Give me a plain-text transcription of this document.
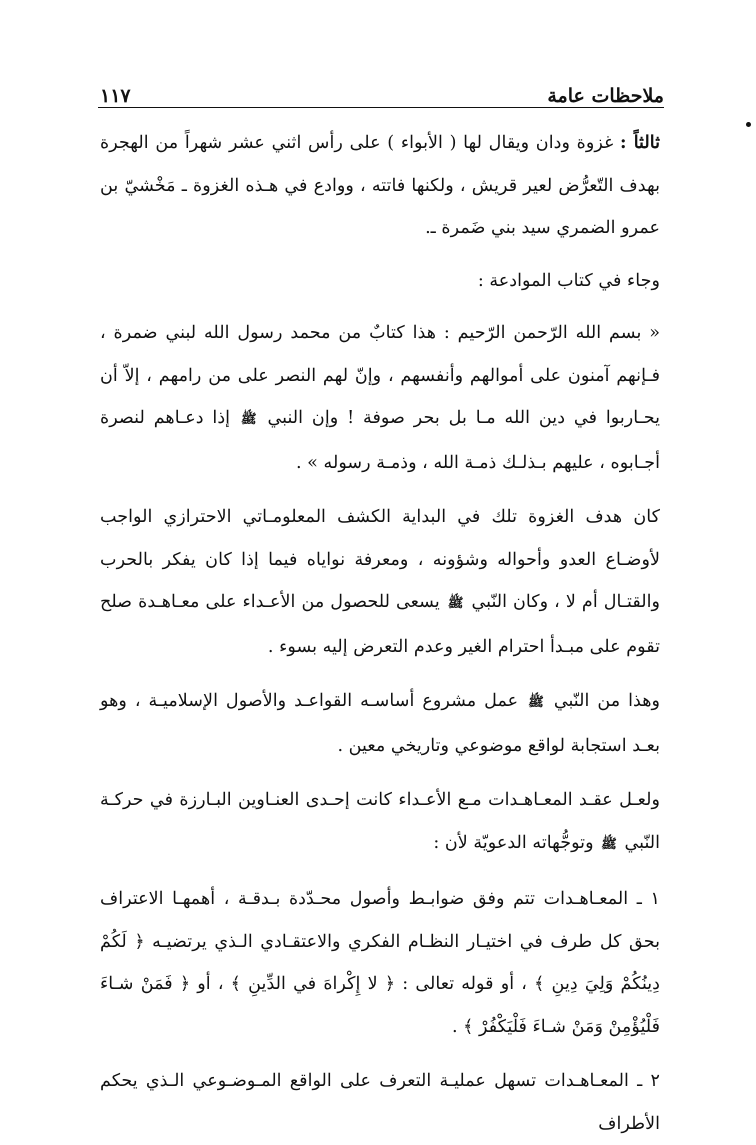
ملاحظات عامة
١١٧

ثالثاً : غزوة ودان ويقال لها ( الأبواء ) على رأس اثني عشر شهراً من الهجرة بهدف التّعرُّض لعير قريش ، ولكنها فاتته ، ووادع في هـذه الغزوة ـ مَخْشيّ بن عمرو الضمري سيد بني ضَمرة ـ.

وجاء في كتاب الموادعة :

« بسم الله الرّحمن الرّحيم : هذا كتابٌ من محمد رسول الله لبني ضمرة ، فـإنهم آمنون على أموالهم وأنفسهم ، وإنّ لهم النصر على من رامهم ، إلاّ أن يحـاربوا في دين الله مـا بل بحر صوفة ! وإن النبي ﷺ إذا دعـاهم لنصرة أجـابوه ، عليهم بـذلـك ذمـة الله ، وذمـة رسوله » .

كان هدف الغزوة تلك في البداية الكشف المعلومـاتي الاحترازي الواجب لأوضـاع العدو وأحواله وشؤونه ، ومعرفة نواياه فيما إذا كان يفكر بالحرب والقتـال أم لا ، وكان النّبي ﷺ يسعى للحصول من الأعـداء على معـاهـدة صلح تقوم على مبـدأ احترام الغير وعدم التعرض إليه بسوء .

وهذا من النّبي ﷺ عمل مشروع أساسـه القواعـد والأصول الإسلاميـة ، وهو بعـد استجابة لواقع موضوعي وتاريخي معين .

ولعـل عقـد المعـاهـدات مـع الأعـداء كانت إحـدى العنـاوين البـارزة في حركـة النّبي ﷺ وتوجُّهاته الدعويّة لأن :

١ ـ المعـاهـدات تتم وفق ضوابـط وأصول محـدّدة بـدقـة ، أهمهـا الاعتراف بحق كل طرف في اختيـار النظـام الفكري والاعتقـادي الـذي يرتضيـه ﴿ لَكُمْ دِينُكُمْ وَلِيَ دِينِ ﴾ ، أو قوله تعالى : ﴿ لا إِكْراهَ في الدِّينِ ﴾ ، أو ﴿ فَمَنْ شـاءَ فَلْيُؤْمِنْ وَمَنْ شـاءَ فَلْيَكْفُرْ ﴾ .

٢ ـ المعـاهـدات تسهل عمليـة التعرف على الواقع المـوضـوعي الـذي يحكم الأطراف
